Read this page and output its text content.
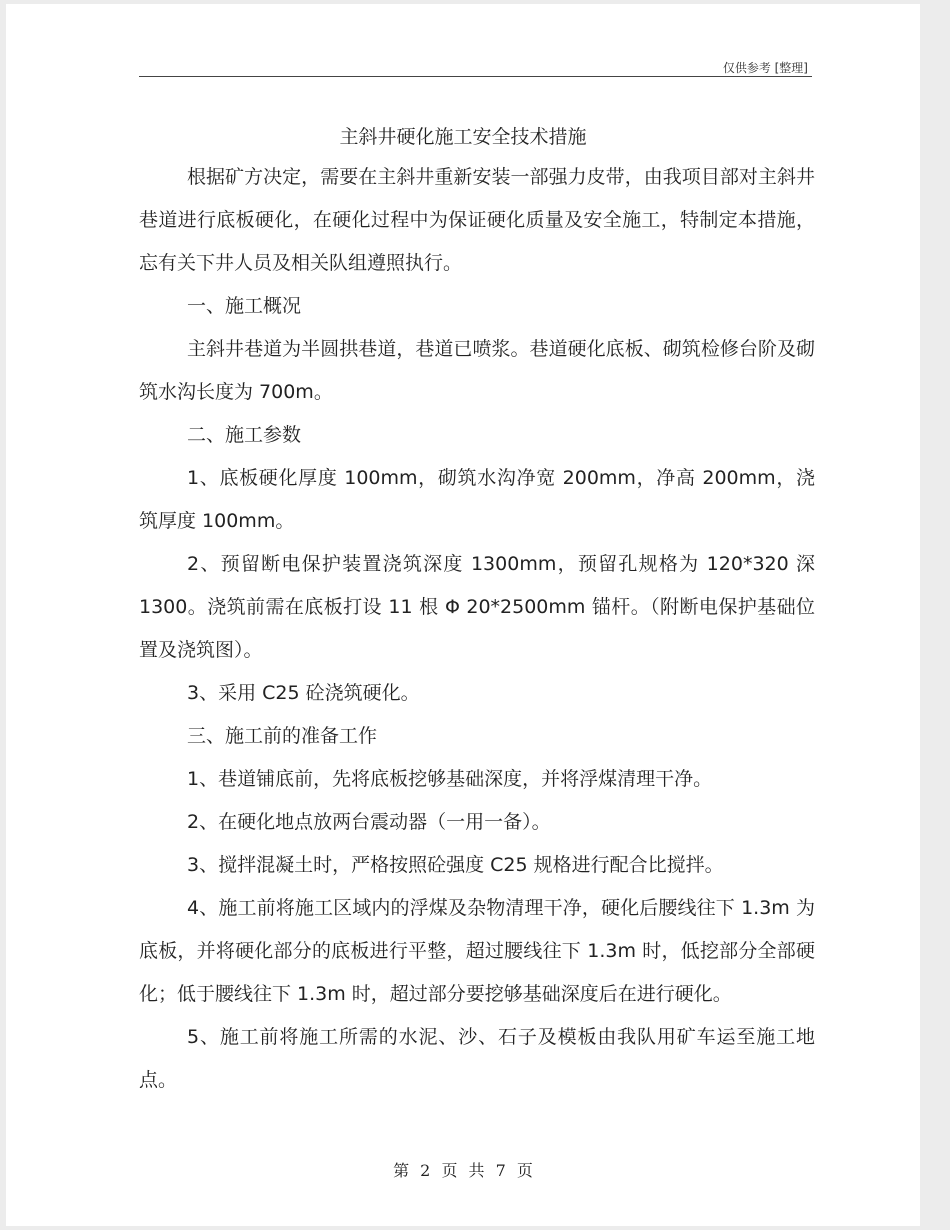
仅供参考 [整理]
主斜井硬化施工安全技术措施

根据矿方决定，需要在主斜井重新安装一部强力皮带，由我项目部对主斜井巷道进行底板硬化，在硬化过程中为保证硬化质量及安全施工，特制定本措施，忘有关下井人员及相关队组遵照执行。

一、施工概况

主斜井巷道为半圆拱巷道，巷道已喷浆。巷道硬化底板、砌筑检修台阶及砌筑水沟长度为 700m。

二、施工参数

1、底板硬化厚度 100mm，砌筑水沟净宽 200mm，净高 200mm，浇筑厚度 100mm。

2、预留断电保护装置浇筑深度 1300mm，预留孔规格为 120*320 深 1300。浇筑前需在底板打设 11 根 Φ 20*2500mm 锚杆。（附断电保护基础位置及浇筑图）。

3、采用 C25 砼浇筑硬化。

三、施工前的准备工作

1、巷道铺底前，先将底板挖够基础深度，并将浮煤清理干净。

2、在硬化地点放两台震动器（一用一备）。

3、搅拌混凝土时，严格按照砼强度 C25 规格进行配合比搅拌。

4、施工前将施工区域内的浮煤及杂物清理干净，硬化后腰线往下 1.3m 为底板，并将硬化部分的底板进行平整，超过腰线往下 1.3m 时，低挖部分全部硬化；低于腰线往下 1.3m 时，超过部分要挖够基础深度后在进行硬化。

5、施工前将施工所需的水泥、沙、石子及模板由我队用矿车运至施工地点。

第 2 页 共 7 页
